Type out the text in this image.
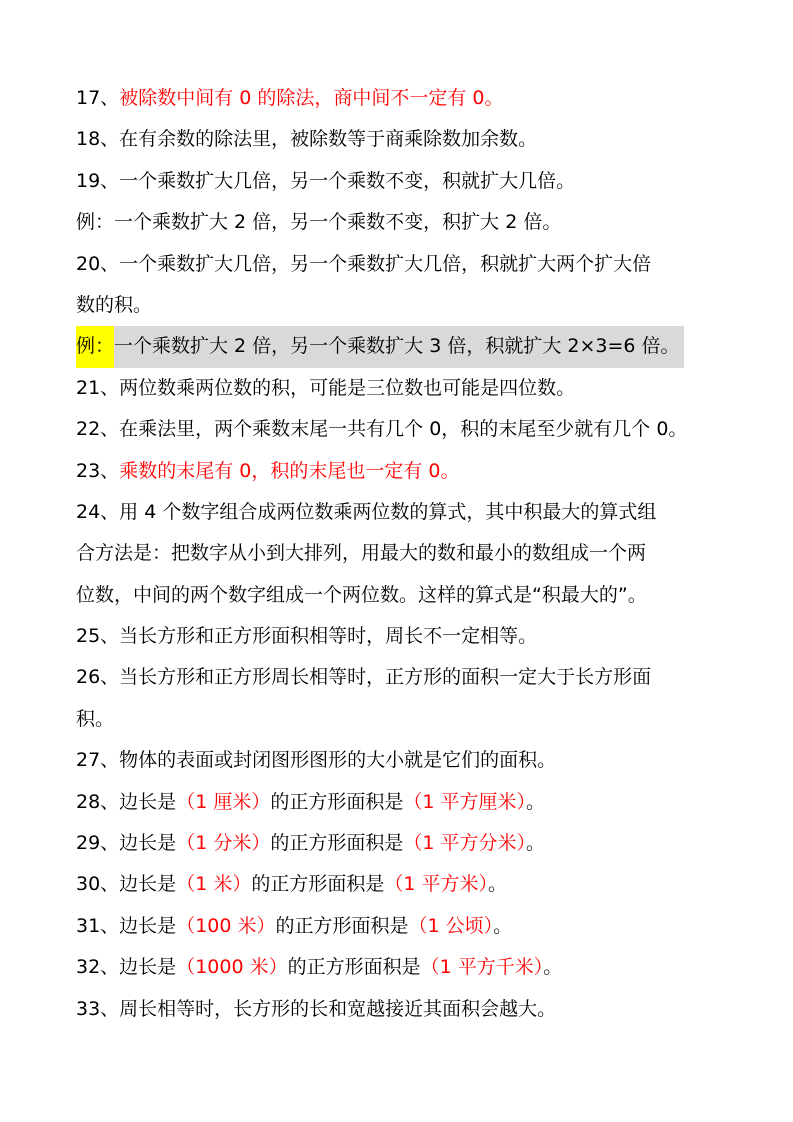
17、被除数中间有 0 的除法，商中间不一定有 0。
18、在有余数的除法里，被除数等于商乘除数加余数。
19、一个乘数扩大几倍，另一个乘数不变，积就扩大几倍。
例：一个乘数扩大 2 倍，另一个乘数不变，积扩大 2 倍。
20、一个乘数扩大几倍，另一个乘数扩大几倍，积就扩大两个扩大倍
数的积。
例：一个乘数扩大 2 倍，另一个乘数扩大 3 倍，积就扩大 2×3=6 倍。
21、两位数乘两位数的积，可能是三位数也可能是四位数。
22、在乘法里，两个乘数末尾一共有几个 0，积的末尾至少就有几个 0。
23、乘数的末尾有 0，积的末尾也一定有 0。
24、用 4 个数字组合成两位数乘两位数的算式，其中积最大的算式组
合方法是：把数字从小到大排列，用最大的数和最小的数组成一个两
位数，中间的两个数字组成一个两位数。这样的算式是“积最大的”。
25、当长方形和正方形面积相等时，周长不一定相等。
26、当长方形和正方形周长相等时，正方形的面积一定大于长方形面
积。
27、物体的表面或封闭图形图形的大小就是它们的面积。
28、边长是（1 厘米）的正方形面积是（1 平方厘米）。
29、边长是（1 分米）的正方形面积是（1 平方分米）。
30、边长是（1 米）的正方形面积是（1 平方米）。
31、边长是（100 米）的正方形面积是（1 公顷）。
32、边长是（1000 米）的正方形面积是（1 平方千米）。
33、周长相等时，长方形的长和宽越接近其面积会越大。
